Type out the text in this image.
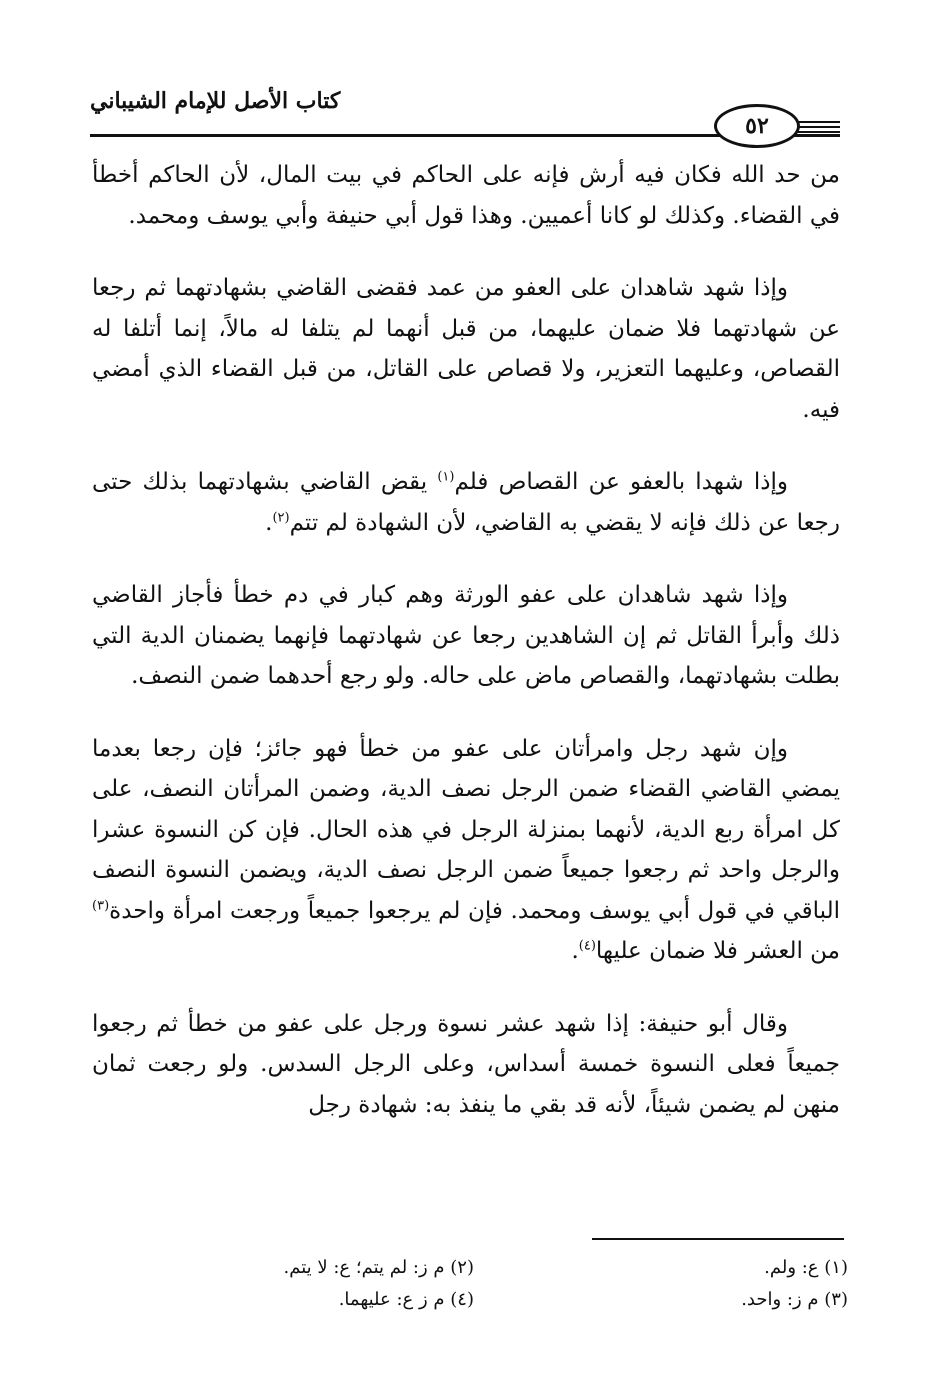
كتاب الأصل للإمام الشيباني
٥٢

من حد الله فكان فيه أرش فإنه على الحاكم في بيت المال، لأن الحاكم أخطأ في القضاء. وكذلك لو كانا أعميين. وهذا قول أبي حنيفة وأبي يوسف ومحمد.

وإذا شهد شاهدان على العفو من عمد فقضى القاضي بشهادتهما ثم رجعا عن شهادتهما فلا ضمان عليهما، من قبل أنهما لم يتلفا له مالاً، إنما أتلفا له القصاص، وعليهما التعزير، ولا قصاص على القاتل، من قبل القضاء الذي أمضي فيه.

وإذا شهدا بالعفو عن القصاص فلم$^{(١)}$ يقض القاضي بشهادتهما بذلك حتى رجعا عن ذلك فإنه لا يقضي به القاضي، لأن الشهادة لم تتم$^{(٢)}$.

وإذا شهد شاهدان على عفو الورثة وهم كبار في دم خطأ فأجاز القاضي ذلك وأبرأ القاتل ثم إن الشاهدين رجعا عن شهادتهما فإنهما يضمنان الدية التي بطلت بشهادتهما، والقصاص ماض على حاله. ولو رجع أحدهما ضمن النصف.

وإن شهد رجل وامرأتان على عفو من خطأ فهو جائز؛ فإن رجعا بعدما يمضي القاضي القضاء ضمن الرجل نصف الدية، وضمن المرأتان النصف، على كل امرأة ربع الدية، لأنهما بمنزلة الرجل في هذه الحال. فإن كن النسوة عشرا والرجل واحد ثم رجعوا جميعاً ضمن الرجل نصف الدية، ويضمن النسوة النصف الباقي في قول أبي يوسف ومحمد. فإن لم يرجعوا جميعاً ورجعت امرأة واحدة$^{(٣)}$ من العشر فلا ضمان عليها$^{(٤)}$.

وقال أبو حنيفة: إذا شهد عشر نسوة ورجل على عفو من خطأ ثم رجعوا جميعاً فعلى النسوة خمسة أسداس، وعلى الرجل السدس. ولو رجعت ثمان منهن لم يضمن شيئاً، لأنه قد بقي ما ينفذ به: شهادة رجل

(١) ع: ولم.
(٢) م ز: لم يتم؛ ع: لا يتم.
(٣) م ز: واحد.
(٤) م ز ع: عليهما.
